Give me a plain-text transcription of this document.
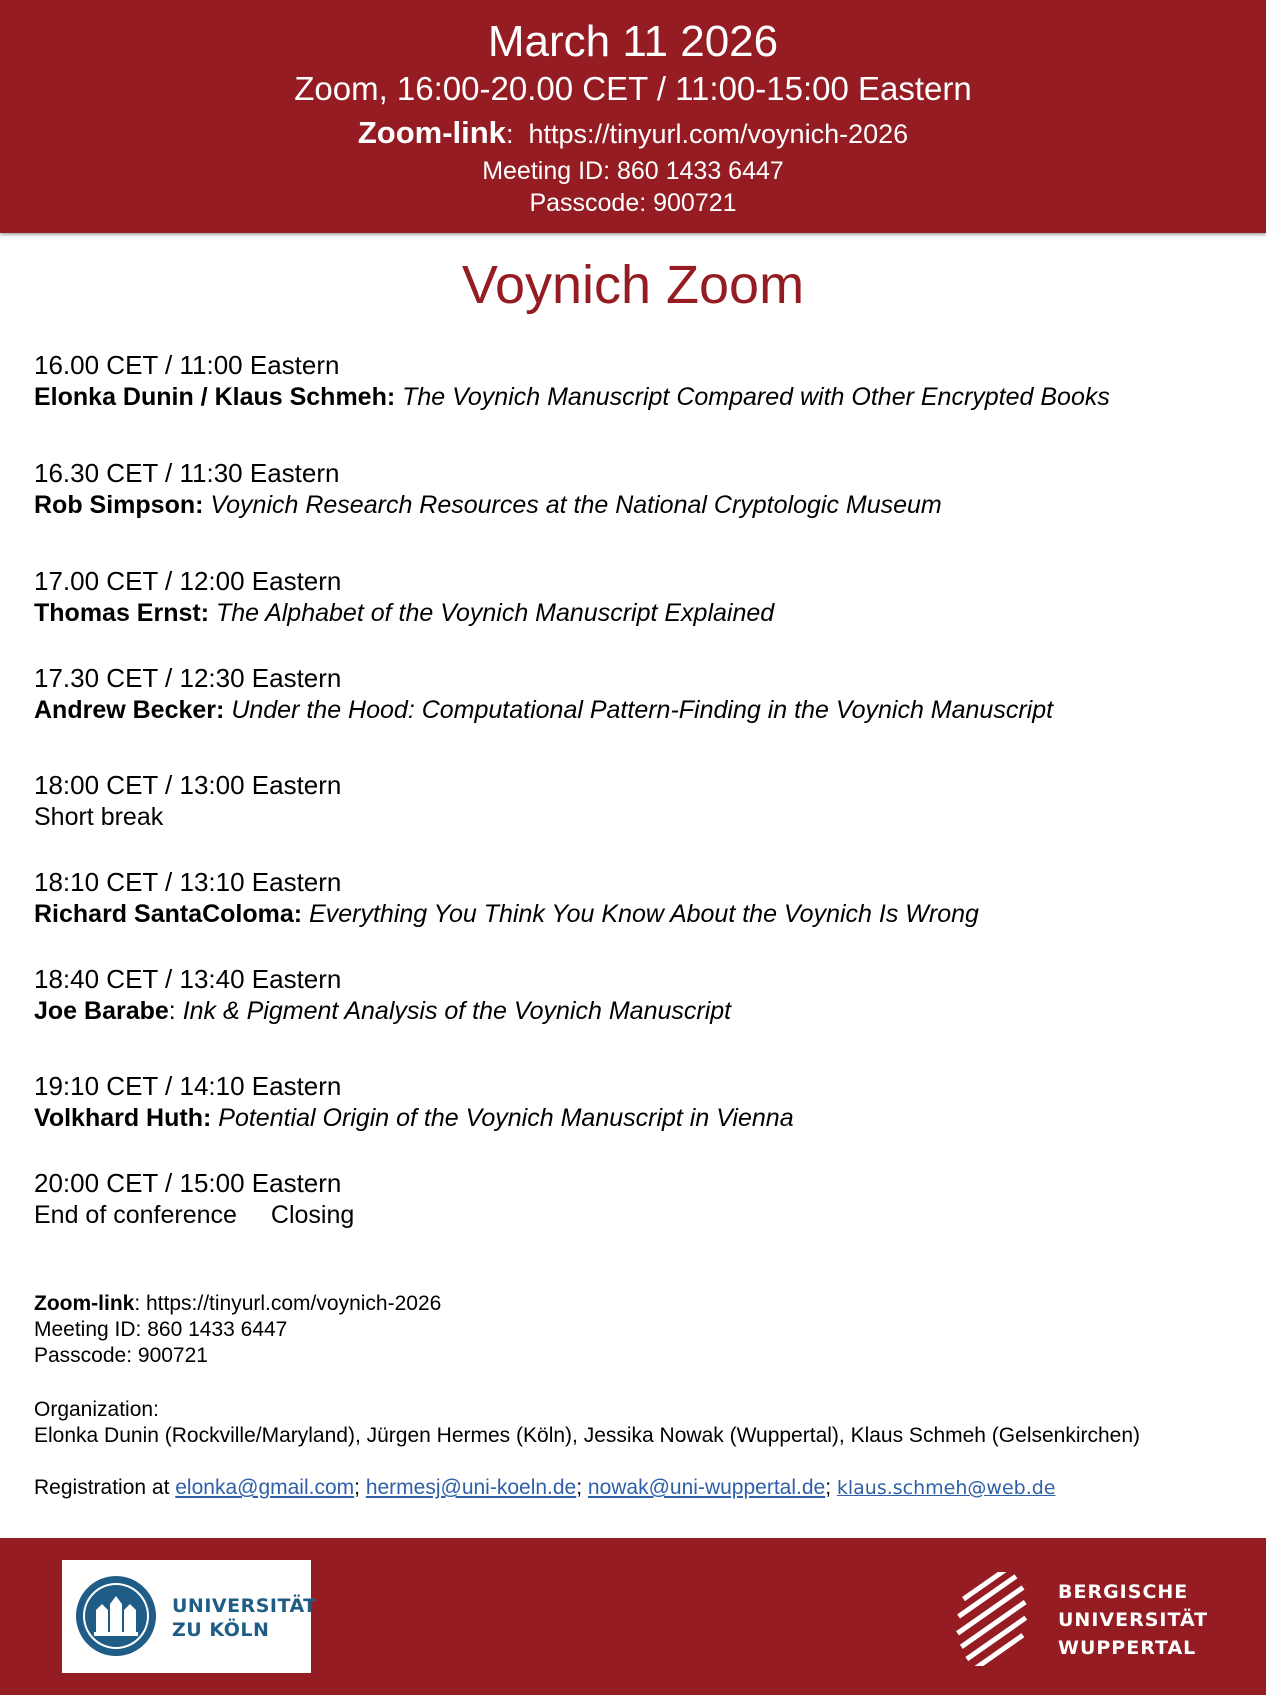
March 11 2026
Zoom, 16:00-20.00 CET / 11:00-15:00 Eastern
Zoom-link: https://tinyurl.com/voynich-2026
Meeting ID: 860 1433 6447
Passcode: 900721
Voynich Zoom
16.00 CET / 11:00 Eastern
Elonka Dunin / Klaus Schmeh: The Voynich Manuscript Compared with Other Encrypted Books
16.30 CET / 11:30 Eastern
Rob Simpson: Voynich Research Resources at the National Cryptologic Museum
17.00 CET / 12:00 Eastern
Thomas Ernst: The Alphabet of the Voynich Manuscript Explained
17.30 CET / 12:30 Eastern
Andrew Becker: Under the Hood: Computational Pattern-Finding in the Voynich Manuscript
18:00 CET / 13:00 Eastern
Short break
18:10 CET / 13:10 Eastern
Richard SantaColoma: Everything You Think You Know About the Voynich Is Wrong
18:40 CET / 13:40 Eastern
Joe Barabe: Ink & Pigment Analysis of the Voynich Manuscript
19:10 CET / 14:10 Eastern
Volkhard Huth: Potential Origin of the Voynich Manuscript in Vienna
20:00 CET / 15:00 Eastern
End of conference Closing
Zoom-link: https://tinyurl.com/voynich-2026
Meeting ID: 860 1433 6447
Passcode: 900721
Organization:
Elonka Dunin (Rockville/Maryland), Jürgen Hermes (Köln), Jessika Nowak (Wuppertal), Klaus Schmeh (Gelsenkirchen)
Registration at elonka@gmail.com; hermesj@uni-koeln.de; nowak@uni-wuppertal.de; klaus.schmeh@web.de
UNIVERSITÄT
ZU KÖLN
BERGISCHE
UNIVERSITÄT
WUPPERTAL
